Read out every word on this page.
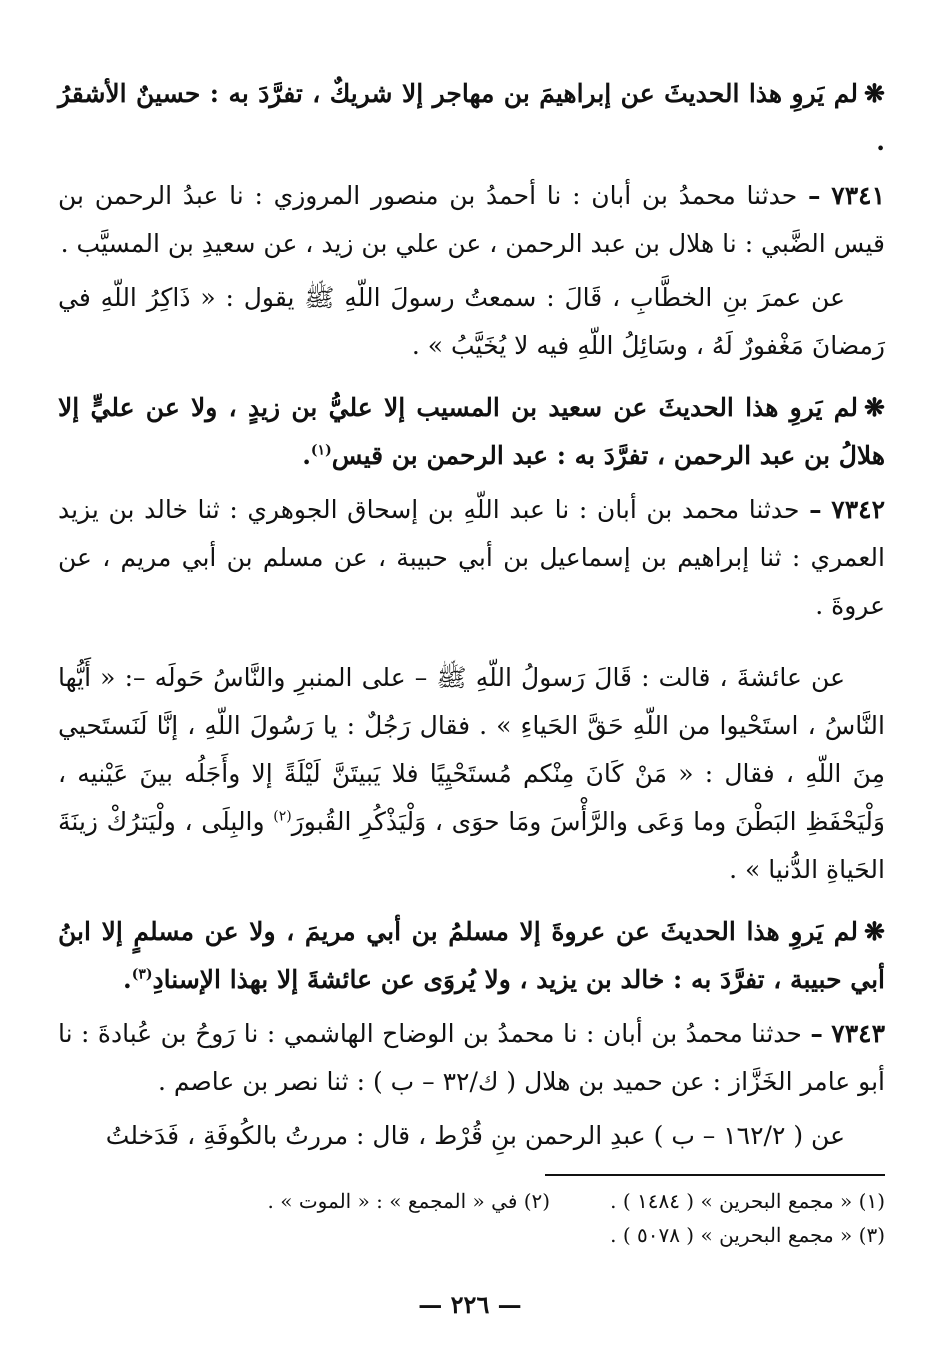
❋لم يَروِ هذا الحديثَ عن إبراهيمَ بن مهاجر إلا شريكٌ ، تفرَّدَ به : حسينٌ الأشقرُ .

٧٣٤١ – حدثنا محمدُ بن أبان : نا أحمدُ بن منصور المروزي : نا عبدُ الرحمن بن قيس الضَّبي : نا هلال بن عبد الرحمن ، عن علي بن زيد ، عن سعيدِ بن المسيَّب .

عن عمرَ بنِ الخطَّابِ ، قَالَ : سمعتُ رسولَ اللّهِ ﷺ يقول : « ذَاكِرُ اللّهِ في رَمضانَ مَغْفورٌ لَهُ ، وسَائِلُ اللّهِ فيه لا يُخَيَّبُ » .

❋لم يَروِ هذا الحديثَ عن سعيد بن المسيب إلا عليُّ بن زيدٍ ، ولا عن عليٍّ إلا هلالُ بن عبد الرحمن ، تفرَّدَ به : عبد الرحمن بن قيس$^{(١)}$.

٧٣٤٢ – حدثنا محمد بن أبان : نا عبد اللّهِ بن إسحاق الجوهري : ثنا خالد بن يزيد العمري : ثنا إبراهيم بن إسماعيل بن أبي حبيبة ، عن مسلم بن أبي مريم ، عن عروةَ .

عن عائشةَ ، قالت : قَالَ رَسولُ اللّهِ ﷺ – على المنبرِ والنَّاسُ حَولَه –: « أَيُّها النَّاسُ ، استَحْيوا من اللّهِ حَقَّ الحَياءِ » . فقال رَجُلٌ : يا رَسُولَ اللّهِ ، إنَّا لَنَستَحيي مِنَ اللّهِ ، فقال : « مَنْ كَانَ مِنْكم مُستَحْيِيًا فلا يَبيتَنَّ لَيْلَةً إلا وأَجَلُه بينَ عَيْنيه ، وَلْيَحْفَظِ البَطْنَ وما وَعَى والرَّأْسَ ومَا حوَى ، وَلْيَذْكُرِ القُبورَ$^{(٢)}$ والبِلَى ، ولْيَترُكْ زينَةَ الحَياةِ الدُّنيا » .

❋لم يَروِ هذا الحديثَ عن عروةَ إلا مسلمُ بن أبي مريمَ ، ولا عن مسلمٍ إلا ابنُ أبي حبيبة ، تفرَّدَ به : خالد بن يزيد ، ولا يُروَى عن عائشةَ إلا بهذا الإسنادِ$^{(٣)}$.

٧٣٤٣ – حدثنا محمدُ بن أبان : نا محمدُ بن الوضاح الهاشمي : نا رَوحُ بن عُبادةَ : نا أبو عامر الخَزَّاز : عن حميد بن هلال ( ك/٣٢ – ب ) : ثنا نصر بن عاصم .

عن ( ١٦٢/٢ – ب ) عبدِ الرحمن بنِ قُرْط ، قال : مررتُ بالكُوفَةِ ، فَدَخلتُ

(١) « مجمع البحرين » ( ١٤٨٤ ) .
(٢) في « المجمع » : « الموت » .
(٣) « مجمع البحرين » ( ٥٠٧٨ ) .
— ٢٢٦ —
